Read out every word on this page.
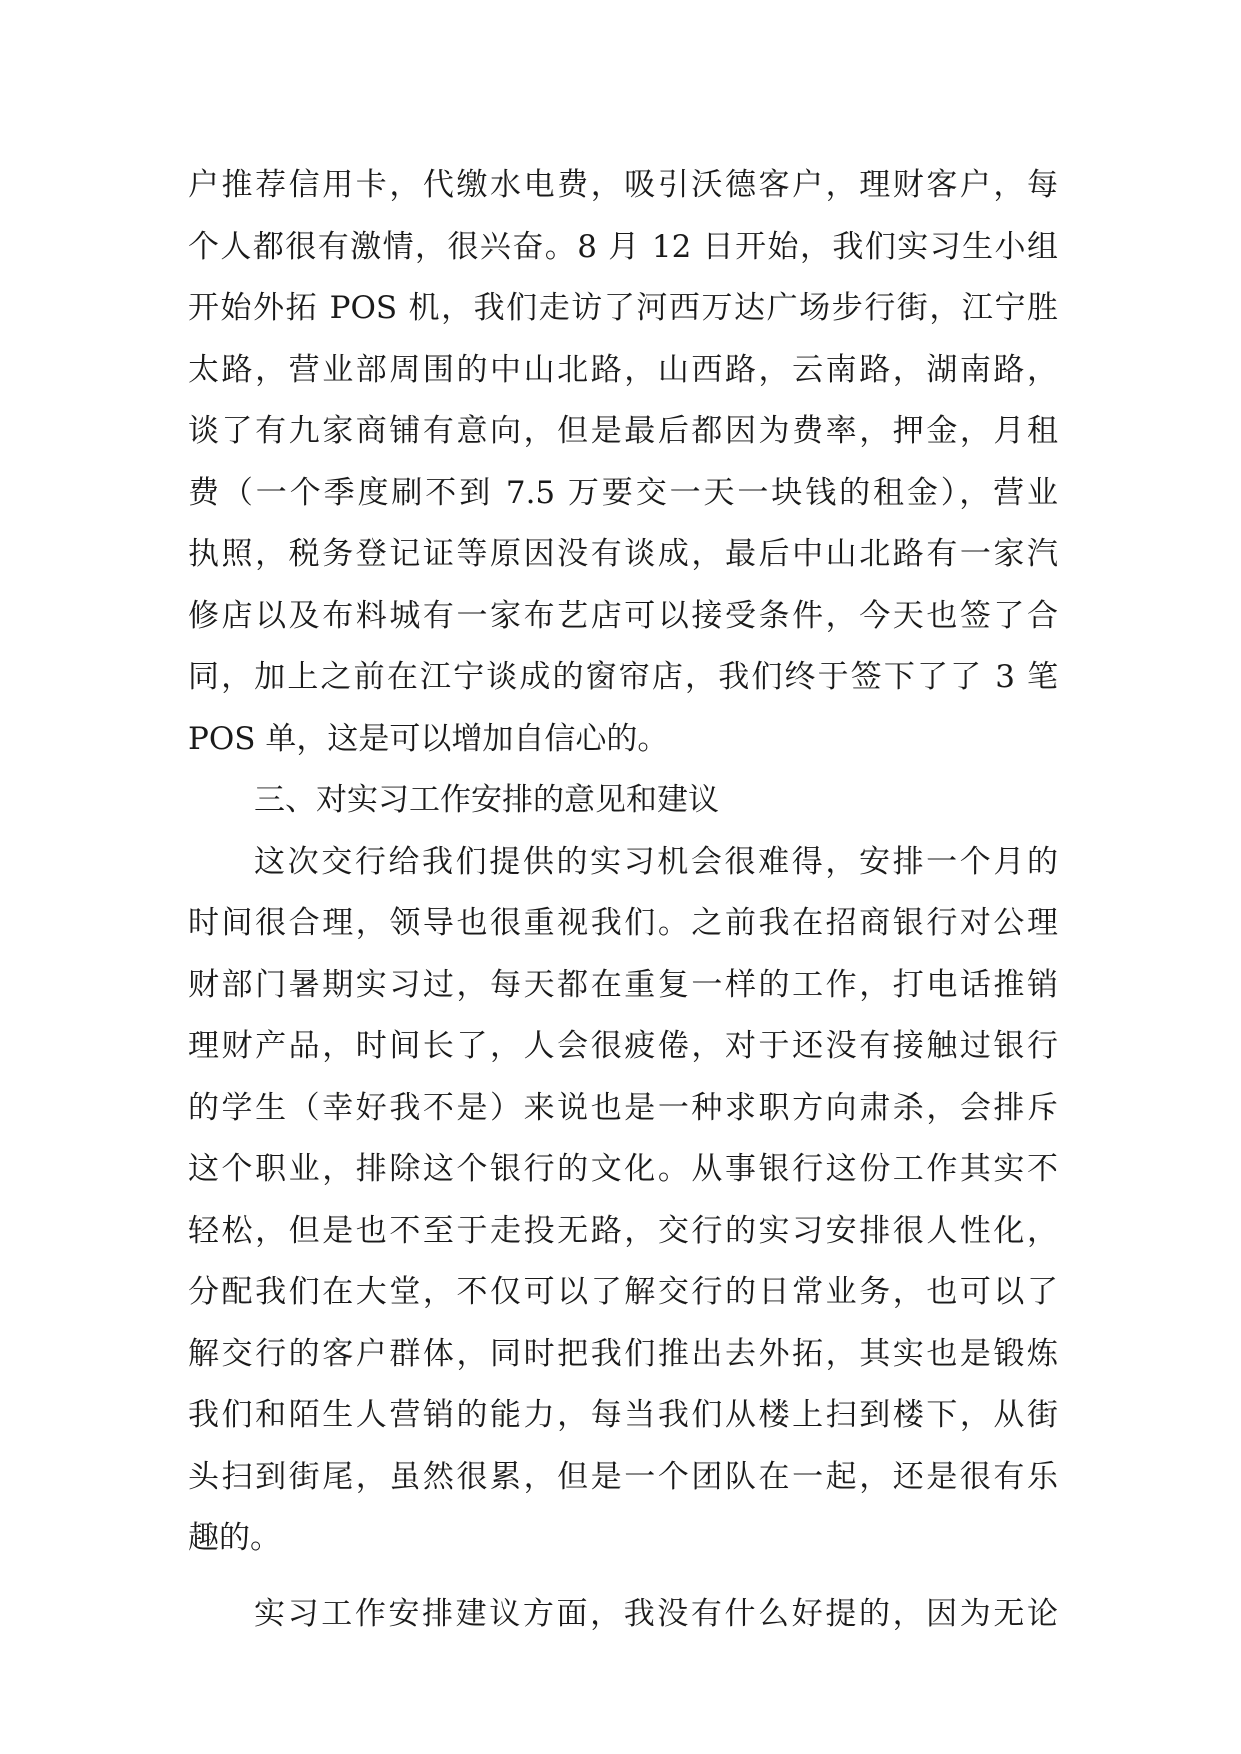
户推荐信用卡，代缴水电费，吸引沃德客户，理财客户，每
个人都很有激情，很兴奋。8 月 12 日开始，我们实习生小组
开始外拓 POS 机，我们走访了河西万达广场步行街，江宁胜
太路，营业部周围的中山北路，山西路，云南路，湖南路，
谈了有九家商铺有意向，但是最后都因为费率，押金，月租
费（一个季度刷不到 7.5 万要交一天一块钱的租金），营业
执照，税务登记证等原因没有谈成，最后中山北路有一家汽
修店以及布料城有一家布艺店可以接受条件，今天也签了合
同，加上之前在江宁谈成的窗帘店，我们终于签下了了 3 笔
POS 单，这是可以增加自信心的。
三、对实习工作安排的意见和建议
这次交行给我们提供的实习机会很难得，安排一个月的
时间很合理，领导也很重视我们。之前我在招商银行对公理
财部门暑期实习过，每天都在重复一样的工作，打电话推销
理财产品，时间长了，人会很疲倦，对于还没有接触过银行
的学生（幸好我不是）来说也是一种求职方向肃杀，会排斥
这个职业，排除这个银行的文化。从事银行这份工作其实不
轻松，但是也不至于走投无路，交行的实习安排很人性化，
分配我们在大堂，不仅可以了解交行的日常业务，也可以了
解交行的客户群体，同时把我们推出去外拓，其实也是锻炼
我们和陌生人营销的能力，每当我们从楼上扫到楼下，从街
头扫到街尾，虽然很累，但是一个团队在一起，还是很有乐
趣的。
实习工作安排建议方面，我没有什么好提的，因为无论
